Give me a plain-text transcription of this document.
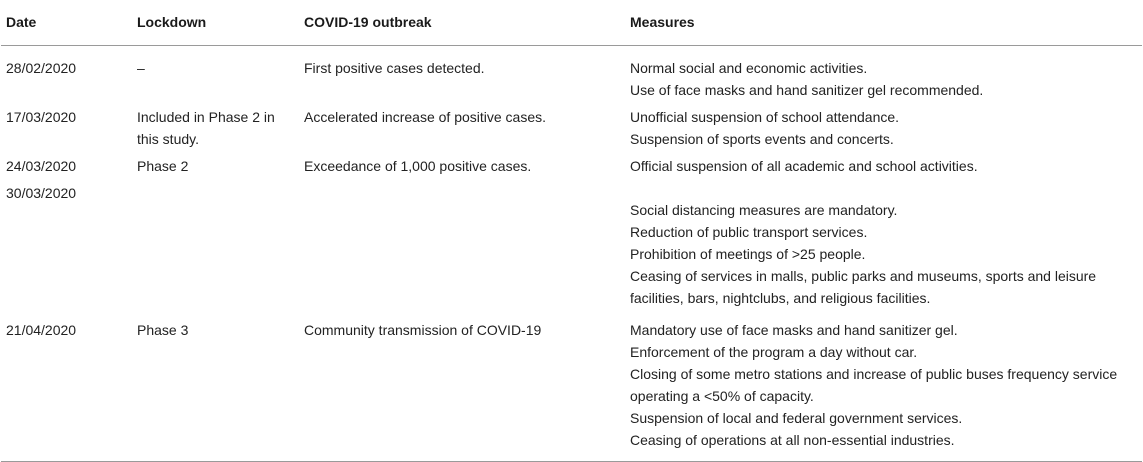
Date	Lockdown	COVID-19 outbreak	Measures
28/02/2020	–	First positive cases detected.	Normal social and economic activities.
Use of face masks and hand sanitizer gel recommended.

17/03/2020	Included in Phase 2 in this study.	Accelerated increase of positive cases.	Unofficial suspension of school attendance.
Suspension of sports events and concerts.

24/03/2020	Phase 2	Exceedance of 1,000 positive cases.	Official suspension of all academic and school activities.

30/03/2020			Social distancing measures are mandatory.
Reduction of public transport services.
Prohibition of meetings of >25 people.
Ceasing of services in malls, public parks and museums, sports and leisure facilities, bars, nightclubs, and religious facilities.

21/04/2020	Phase 3	Community transmission of COVID-19	Mandatory use of face masks and hand sanitizer gel.
Enforcement of the program a day without car.
Closing of some metro stations and increase of public buses frequency service operating a <50% of capacity.
Suspension of local and federal government services.
Ceasing of operations at all non-essential industries.
